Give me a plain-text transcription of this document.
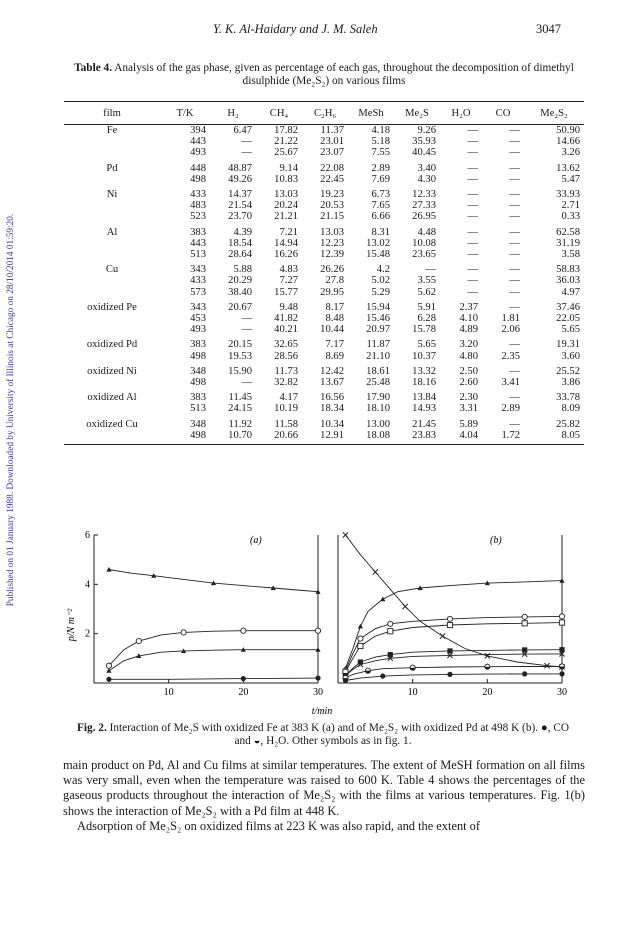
Published on 01 January 1988. Downloaded by University of Illinois at Chicago on 28/10/2014 01:59:20.
Y. K. Al-Haidary and J. M. Saleh	3047
Table 4. Analysis of the gas phase, given as percentage of each gas, throughout the decomposition of dimethyl disulphide (Me₂S₂) on various films
film	T/K	H₂	CH₄	C₂H₆	MeSh	Me₂S	H₂O	CO	Me₂S₂
Fe	394	6.47	17.82	11.37	4.18	9.26	—	—	50.90
	443	—	21.22	23.01	5.18	35.93	—	—	14.66
	493	—	25.67	23.07	7.55	40.45	—	—	3.26
Pd	448	48.87	9.14	22.08	2.89	3.40	—	—	13.62
	498	49.26	10.83	22.45	7.69	4.30	—	—	5.47
Ni	433	14.37	13.03	19.23	6.73	12.33	—	—	33.93
	483	21.54	20.24	20.53	7.65	27.33	—	—	2.71
	523	23.70	21.21	21.15	6.66	26.95	—	—	0.33
Al	383	4.39	7.21	13.03	8.31	4.48	—	—	62.58
	443	18.54	14.94	12.23	13.02	10.08	—	—	31.19
	513	28.64	16.26	12.39	15.48	23.65	—	—	3.58
Cu	343	5.88	4.83	26.26	4.2	—	—	—	58.83
	433	20.29	7.27	27.8	5.02	3.55	—	—	36.03
	573	38.40	15.77	29.95	5.29	5.62	—	—	4.97
oxidized Pe	343	20.67	9.48	8.17	15.94	5.91	2.37	—	37.46
	453	—	41.82	8.48	15.46	6.28	4.10	1.81	22.05
	493	—	40.21	10.44	20.97	15.78	4.89	2.06	5.65
oxidized Pd	383	20.15	32.65	7.17	11.87	5.65	3.20	—	19.31
	498	19.53	28.56	8.69	21.10	10.37	4.80	2.35	3.60
oxidized Ni	348	15.90	11.73	12.42	18.61	13.32	2.50	—	25.52
	498	—	32.82	13.67	25.48	18.16	2.60	3.41	3.86
oxidized Al	383	11.45	4.17	16.56	17.90	13.84	2.30	—	33.78
	513	24.15	10.19	18.34	18.10	14.93	3.31	2.89	8.09
oxidized Cu	348	11.92	11.58	10.34	13.00	21.45	5.89	—	25.82
	498	10.70	20.66	12.91	18.08	23.83	4.04	1.72	8.05
p/N m⁻²
(a)	(b)
t/min
2
4
6
10	20	30	10	20	30
Fig. 2. Interaction of Me₂S with oxidized Fe at 383 K (a) and of Me₂S₂ with oxidized Pd at 498 K (b). ●, CO and ◒, H₂O. Other symbols as in fig. 1.

main product on Pd, Al and Cu films at similar temperatures. The extent of MeSH formation on all films was very small, even when the temperature was raised to 600 K. Table 4 shows the percentages of the gaseous products throughout the interaction of Me₂S₂ with the films at various temperatures. Fig. 1(b) shows the interaction of Me₂S₂ with a Pd film at 448 K.

Adsorption of Me₂S₂ on oxidized films at 223 K was also rapid, and the extent of
